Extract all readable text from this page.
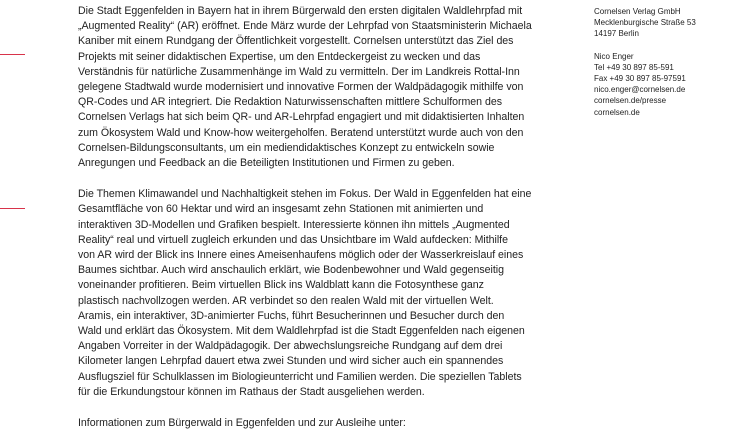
Die Stadt Eggenfelden in Bayern hat in ihrem Bürgerwald den ersten digitalen Waldlehrpfad mit
„Augmented Reality“ (AR) eröffnet. Ende März wurde der Lehrpfad von Staatsministerin Michaela
Kaniber mit einem Rundgang der Öffentlichkeit vorgestellt. Cornelsen unterstützt das Ziel des
Projekts mit seiner didaktischen Expertise, um den Entdeckergeist zu wecken und das
Verständnis für natürliche Zusammenhänge im Wald zu vermitteln. Der im Landkreis Rottal-Inn
gelegene Stadtwald wurde modernisiert und innovative Formen der Waldpädagogik mithilfe von
QR-Codes und AR integriert. Die Redaktion Naturwissenschaften mittlere Schulformen des
Cornelsen Verlags hat sich beim QR- und AR-Lehrpfad engagiert und mit didaktisierten Inhalten
zum Ökosystem Wald und Know-how weitergeholfen. Beratend unterstützt wurde auch von den
Cornelsen-Bildungsconsultants, um ein mediendidaktisches Konzept zu entwickeln sowie
Anregungen und Feedback an die Beteiligten Institutionen und Firmen zu geben.

Die Themen Klimawandel und Nachhaltigkeit stehen im Fokus. Der Wald in Eggenfelden hat eine
Gesamtfläche von 60 Hektar und wird an insgesamt zehn Stationen mit animierten und
interaktiven 3D-Modellen und Grafiken bespielt. Interessierte können ihn mittels „Augmented
Reality“ real und virtuell zugleich erkunden und das Unsichtbare im Wald aufdecken: Mithilfe
von AR wird der Blick ins Innere eines Ameisenhaufens möglich oder der Wasserkreislauf eines
Baumes sichtbar. Auch wird anschaulich erklärt, wie Bodenbewohner und Wald gegenseitig
voneinander profitieren. Beim virtuellen Blick ins Waldblatt kann die Fotosynthese ganz
plastisch nachvollzogen werden. AR verbindet so den realen Wald mit der virtuellen Welt.
Aramis, ein interaktiver, 3D-animierter Fuchs, führt Besucherinnen und Besucher durch den
Wald und erklärt das Ökosystem. Mit dem Waldlehrpfad ist die Stadt Eggenfelden nach eigenen
Angaben Vorreiter in der Waldpädagogik. Der abwechslungsreiche Rundgang auf dem drei
Kilometer langen Lehrpfad dauert etwa zwei Stunden und wird sicher auch ein spannendes
Ausflugsziel für Schulklassen im Biologieunterricht und Familien werden. Die speziellen Tablets
für die Erkundungstour können im Rathaus der Stadt ausgeliehen werden.

Informationen zum Bürgerwald in Eggenfelden und zur Ausleihe unter:

Cornelsen Verlag GmbH
Mecklenburgische Straße 53
14197 Berlin
Nico Enger
Tel +49 30 897 85-591
Fax +49 30 897 85-97591
nico.enger@cornelsen.de
cornelsen.de/presse
cornelsen.de
